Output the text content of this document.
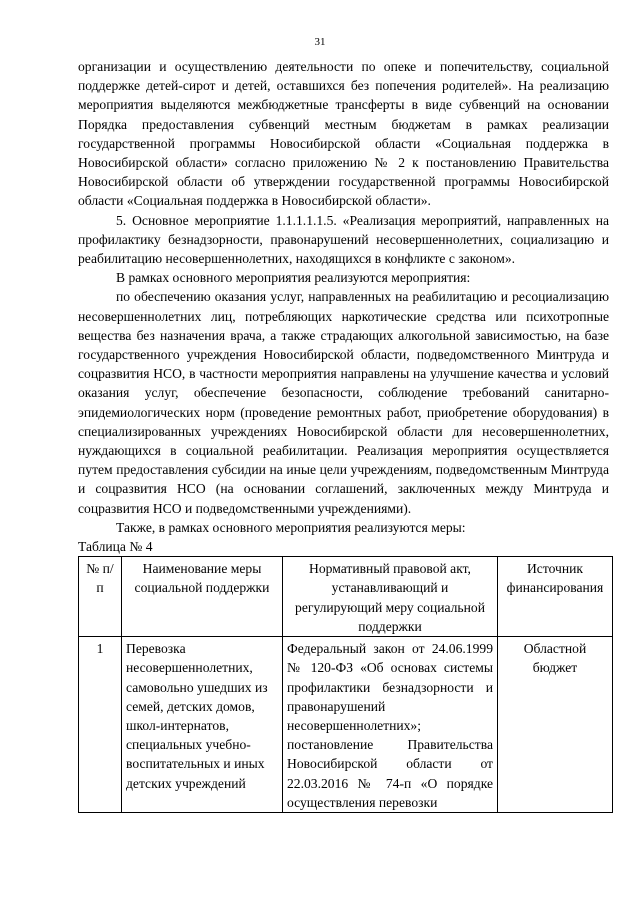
31

организации и осуществлению деятельности по опеке и попечительству, социальной поддержке детей-сирот и детей, оставшихся без попечения родителей». На реализацию мероприятия выделяются межбюджетные трансферты в виде субвенций на основании Порядка предоставления субвенций местным бюджетам в рамках реализации государственной программы Новосибирской области «Социальная поддержка в Новосибирской области» согласно приложению № 2 к постановлению Правительства Новосибирской области об утверждении государственной программы Новосибирской области «Социальная поддержка в Новосибирской области».

5. Основное мероприятие 1.1.1.1.1.5. «Реализация мероприятий, направленных на профилактику безнадзорности, правонарушений несовершеннолетних, социализацию и реабилитацию несовершеннолетних, находящихся в конфликте с законом».

В рамках основного мероприятия реализуются мероприятия:

по обеспечению оказания услуг, направленных на реабилитацию и ресоциализацию несовершеннолетних лиц, потребляющих наркотические средства или психотропные вещества без назначения врача, а также страдающих алкогольной зависимостью, на базе государственного учреждения Новосибирской области, подведомственного Минтруда и соцразвития НСО, в частности мероприятия направлены на улучшение качества и условий оказания услуг, обеспечение безопасности, соблюдение требований санитарно-эпидемиологических норм (проведение ремонтных работ, приобретение оборудования) в специализированных учреждениях Новосибирской области для несовершеннолетних, нуждающихся в социальной реабилитации. Реализация мероприятия осуществляется путем предоставления субсидии на иные цели учреждениям, подведомственным Минтруда и соцразвития НСО (на основании соглашений, заключенных между Минтруда и соцразвития НСО и подведомственными учреждениями).

Также, в рамках основного мероприятия реализуются меры:

Таблица № 4

№ п/п	Наименование меры социальной поддержки	Нормативный правовой акт, устанавливающий и регулирующий меру социальной поддержки	Источник финансирования
1	Перевозка несовершеннолетних, самовольно ушедших из семей, детских домов, школ-интернатов, специальных учебно-воспитательных и иных детских учреждений	Федеральный закон от 24.06.1999 № 120-ФЗ «Об основах системы профилактики безнадзорности и правонарушений несовершеннолетних»; постановление Правительства Новосибирской области от 22.03.2016 № 74-п «О порядке осуществления перевозки	Областной бюджет
